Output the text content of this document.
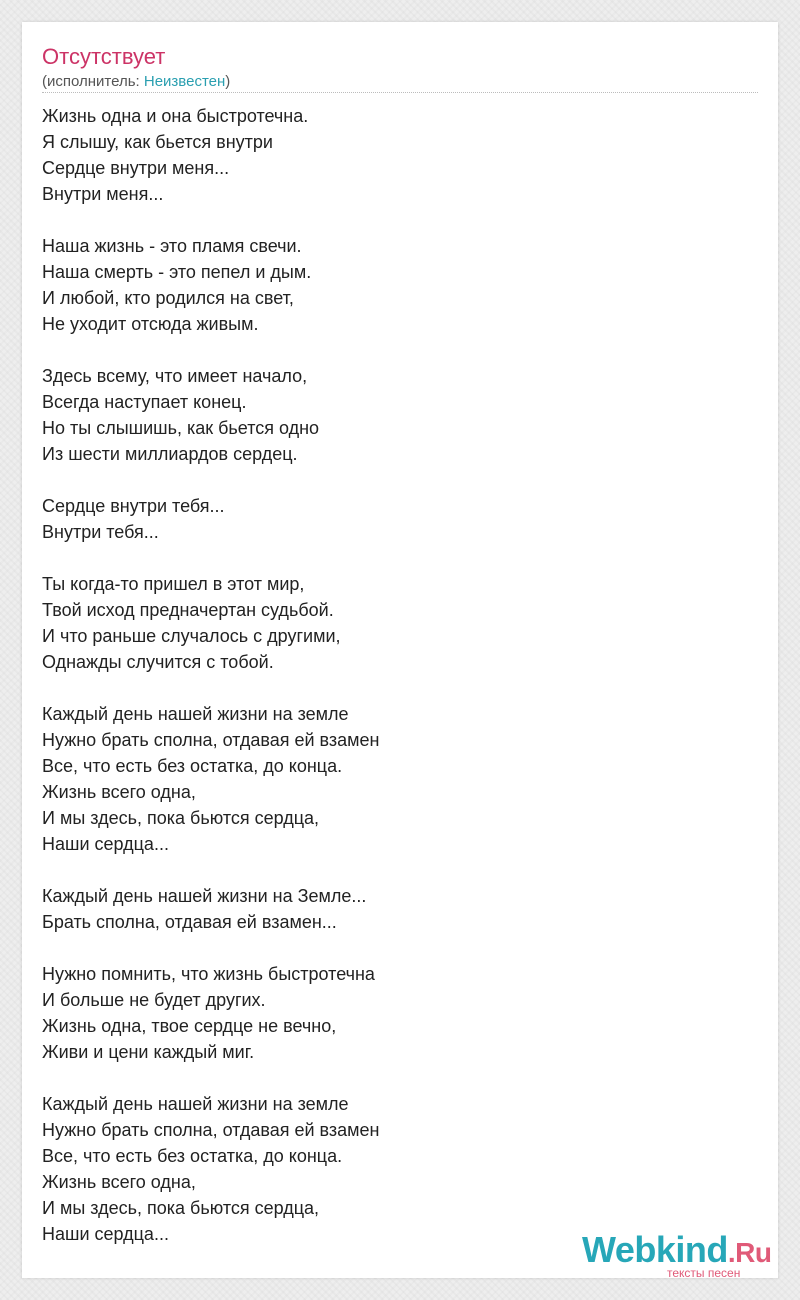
Отсутствует
(исполнитель: Неизвестен)
Жизнь одна и она быстротечна.
Я слышу, как бьется внутри
Сердце внутри меня...
Внутри меня...
Наша жизнь - это пламя свечи.
Наша смерть - это пепел и дым.
И любой, кто родился на свет,
Не уходит отсюда живым.
Здесь всему, что имеет начало,
Всегда наступает конец.
Но ты слышишь, как бьется одно
Из шести миллиардов сердец.
Сердце внутри тебя...
Внутри тебя...
Ты когда-то пришел в этот мир,
Твой исход предначертан судьбой.
И что раньше случалось с другими,
Однажды случится с тобой.
Каждый день нашей жизни на земле
Нужно брать сполна, отдавая ей взамен
Все, что есть без остатка, до конца.
Жизнь всего одна,
И мы здесь, пока бьются сердца,
Наши сердца...
Каждый день нашей жизни на Земле...
Брать сполна, отдавая ей взамен...
Нужно помнить, что жизнь быстротечна
И больше не будет других.
Жизнь одна, твое сердце не вечно,
Живи и цени каждый миг.
Каждый день нашей жизни на земле
Нужно брать сполна, отдавая ей взамен
Все, что есть без остатка, до конца.
Жизнь всего одна,
И мы здесь, пока бьются сердца,
Наши сердца...	Webkind.Ru
тексты песен
